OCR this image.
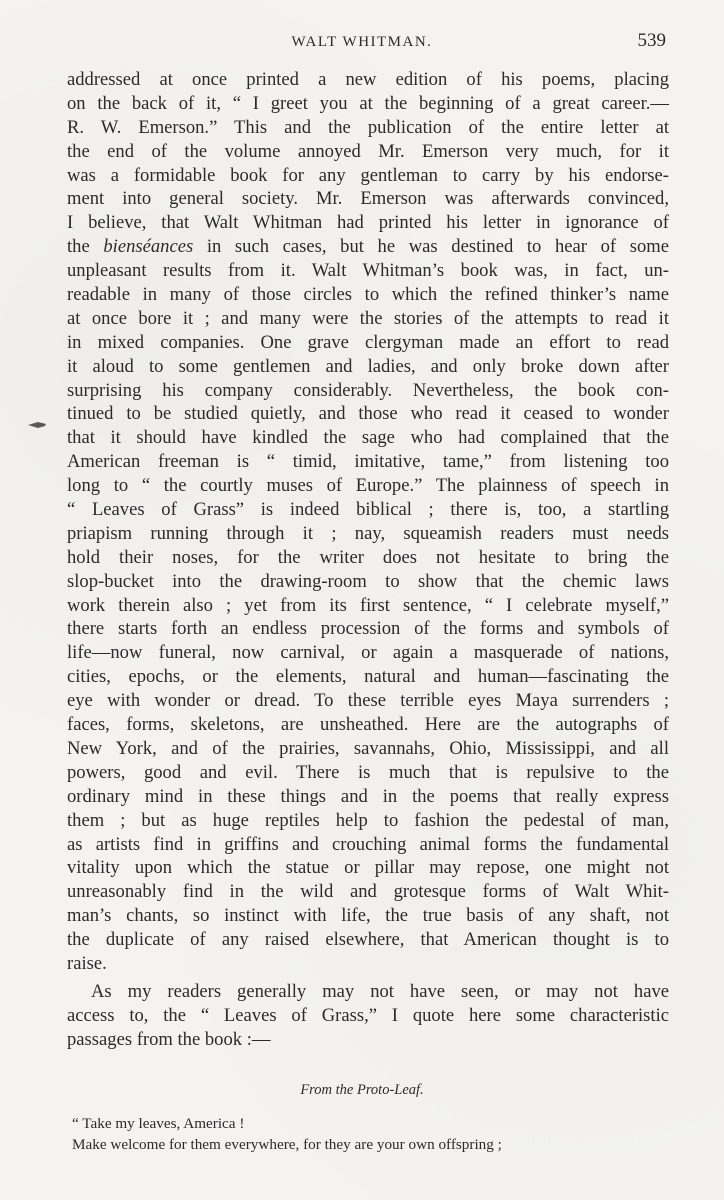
WALT WHITMAN.	539
addressed at once printed a new edition of his poems, placing
on the back of it, “ I greet you at the beginning of a great career.—
R. W. Emerson.” This and the publication of the entire letter at
the end of the volume annoyed Mr. Emerson very much, for it
was a formidable book for any gentleman to carry by his endorse-
ment into general society. Mr. Emerson was afterwards convinced,
I believe, that Walt Whitman had printed his letter in ignorance of
the bienséances in such cases, but he was destined to hear of some
unpleasant results from it. Walt Whitman’s book was, in fact, un-
readable in many of those circles to which the refined thinker’s name
at once bore it ; and many were the stories of the attempts to read it
in mixed companies. One grave clergyman made an effort to read
it aloud to some gentlemen and ladies, and only broke down after
surprising his company considerably. Nevertheless, the book con-
tinued to be studied quietly, and those who read it ceased to wonder
that it should have kindled the sage who had complained that the
American freeman is “ timid, imitative, tame,” from listening too
long to “ the courtly muses of Europe.” The plainness of speech in
“ Leaves of Grass” is indeed biblical ; there is, too, a startling
priapism running through it ; nay, squeamish readers must needs
hold their noses, for the writer does not hesitate to bring the
slop-bucket into the drawing-room to show that the chemic laws
work therein also ; yet from its first sentence, “ I celebrate myself,”
there starts forth an endless procession of the forms and symbols of
life—now funeral, now carnival, or again a masquerade of nations,
cities, epochs, or the elements, natural and human—fascinating the
eye with wonder or dread. To these terrible eyes Maya surrenders ;
faces, forms, skeletons, are unsheathed. Here are the autographs of
New York, and of the prairies, savannahs, Ohio, Mississippi, and all
powers, good and evil. There is much that is repulsive to the
ordinary mind in these things and in the poems that really express
them ; but as huge reptiles help to fashion the pedestal of man,
as artists find in griffins and crouching animal forms the fundamental
vitality upon which the statue or pillar may repose, one might not
unreasonably find in the wild and grotesque forms of Walt Whit-
man’s chants, so instinct with life, the true basis of any shaft, not
the duplicate of any raised elsewhere, that American thought is to
raise.
As my readers generally may not have seen, or may not have
access to, the “ Leaves of Grass,” I quote here some characteristic
passages from the book :—
From the Proto-Leaf.
“ Take my leaves, America !
Make welcome for them everywhere, for they are your own offspring ;
